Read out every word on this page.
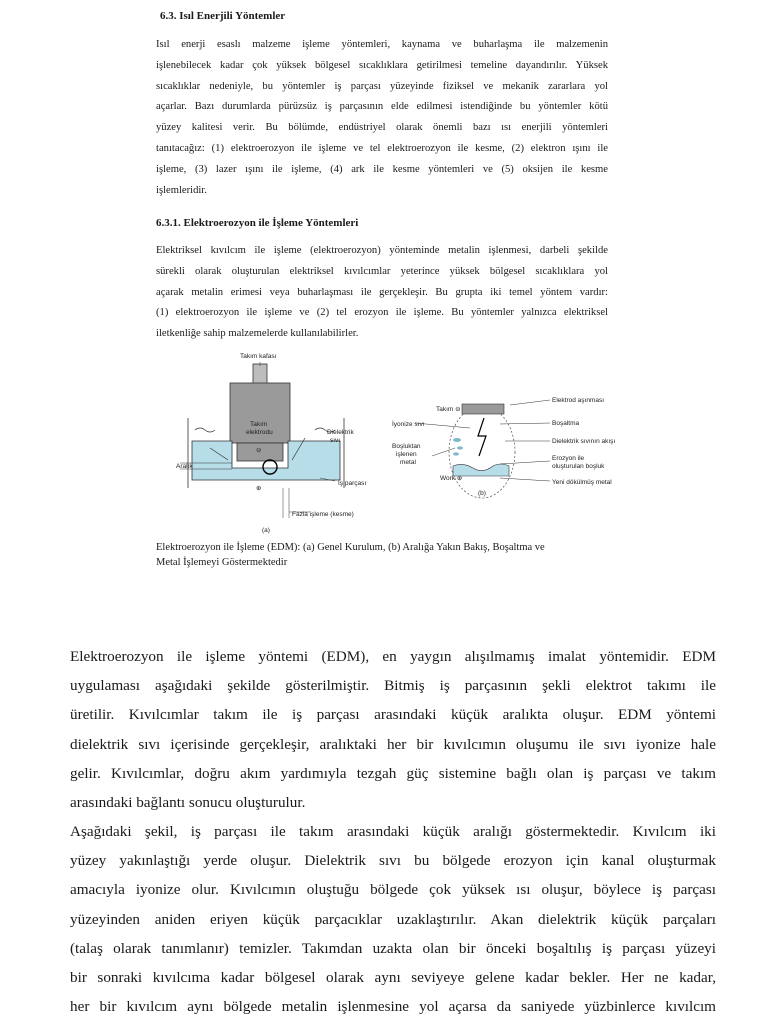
6.3. Isıl Enerjili Yöntemler
Isıl enerji esaslı malzeme işleme yöntemleri, kaynama ve buharlaşma ile malzemenin
işlenebilecek kadar çok yüksek bölgesel sıcaklıklara getirilmesi temeline dayandırılır. Yüksek
sıcaklıklar nedeniyle, bu yöntemler iş parçası yüzeyinde fiziksel ve mekanik zararlara yol
açarlar. Bazı durumlarda pürüzsüz iş parçasının elde edilmesi istendiğinde bu yöntemler kötü
yüzey kalitesi verir. Bu bölümde, endüstriyel olarak önemli bazı ısı enerjili yöntemleri
tanıtacağız: (1) elektroerozyon ile işleme ve tel elektroerozyon ile kesme, (2) elektron ışını ile
işleme, (3) lazer ışını ile işleme, (4) ark ile kesme yöntemleri ve (5) oksijen ile kesme
işlemleridir.
6.3.1. Elektroerozyon ile İşleme Yöntemleri
Elektriksel kıvılcım ile işleme (elektroerozyon) yönteminde metalin işlenmesi, darbeli şekilde
sürekli olarak oluşturulan elektriksel kıvılcımlar yeterince yüksek bölgesel sıcaklıklara yol
açarak metalin erimesi veya buharlaşması ile gerçekleşir. Bu grupta iki temel yöntem vardır:
(1) elektroerozyon ile işleme ve (2) tel erozyon ile işleme. Bu yöntemler yalnızca elektriksel
iletkenliğe sahip malzemelerde kullanılabilirler.
Takım kafası
Takım
elektrodu
⊖
⊕
Dielektrik
sıvı
Aralık
İş parçası
Fazla işleme (kesme)
(a)
Takım ⊖
İyonize sıvı
Boşluktan
işlenen
metal
Work ⊕
Elektrod aşınması
Boşaltma
Dielektrik sıvının akışı
Erozyon ile
oluşturulan boşluk
Yeni dökülmüş metal
(b)
Elektroerozyon ile İşleme (EDM): (a) Genel Kurulum, (b) Aralığa Yakın Bakış, Boşaltma ve
Metal İşlemeyi Göstermektedir
Elektroerozyon ile işleme yöntemi (EDM), en yaygın alışılmamış imalat yöntemidir. EDM
uygulaması aşağıdaki şekilde gösterilmiştir. Bitmiş iş parçasının şekli elektrot takımı ile
üretilir. Kıvılcımlar takım ile iş parçası arasındaki küçük aralıkta oluşur. EDM yöntemi
dielektrik sıvı içerisinde gerçekleşir, aralıktaki her bir kıvılcımın oluşumu ile sıvı iyonize hale
gelir. Kıvılcımlar, doğru akım yardımıyla tezgah güç sistemine bağlı olan iş parçası ve takım
arasındaki bağlantı sonucu oluşturulur.
Aşağıdaki şekil, iş parçası ile takım arasındaki küçük aralığı göstermektedir. Kıvılcım iki
yüzey yakınlaştığı yerde oluşur. Dielektrik sıvı bu bölgede erozyon için kanal oluşturmak
amacıyla iyonize olur. Kıvılcımın oluştuğu bölgede çok yüksek ısı oluşur, böylece iş parçası
yüzeyinden aniden eriyen küçük parçacıklar uzaklaştırılır. Akan dielektrik küçük parçaları
(talaş olarak tanımlanır) temizler. Takımdan uzakta olan bir önceki boşaltılış iş parçası yüzeyi
bir sonraki kıvılcıma kadar bölgesel olarak aynı seviyeye gelene kadar bekler. Her ne kadar,
her bir kıvılcım aynı bölgede metalin işlenmesine yol açarsa da saniyede yüzbinlerce kıvılcım
